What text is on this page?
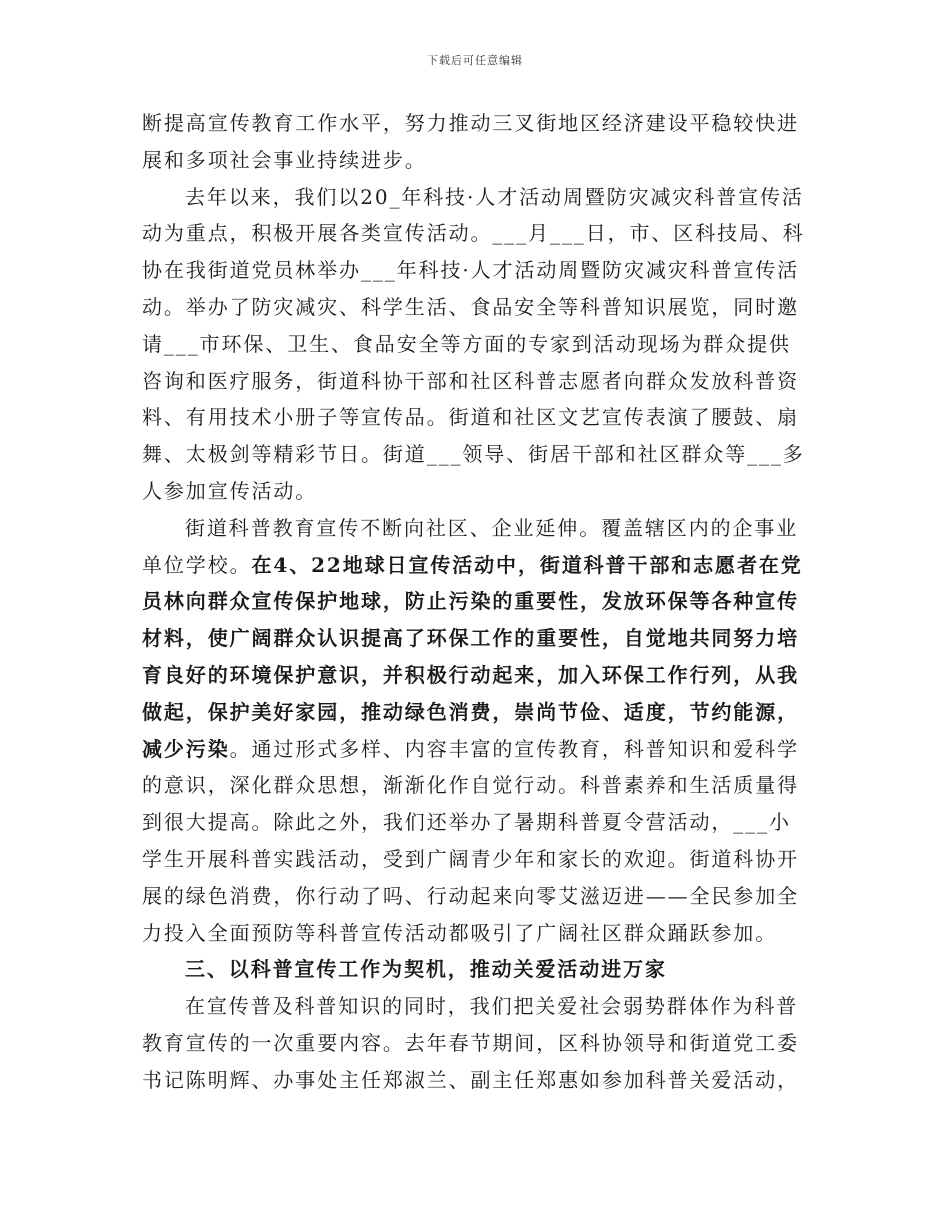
下载后可任意编辑

断提高宣传教育工作水平，努力推动三叉街地区经济建设平稳较快进展和多项社会事业持续进步。

去年以来，我们以20_年科技·人才活动周暨防灾减灾科普宣传活动为重点，积极开展各类宣传活动。___月___日，市、区科技局、科协在我街道党员林举办___年科技·人才活动周暨防灾减灾科普宣传活动。举办了防灾减灾、科学生活、食品安全等科普知识展览，同时邀请___市环保、卫生、食品安全等方面的专家到活动现场为群众提供咨询和医疗服务，街道科协干部和社区科普志愿者向群众发放科普资料、有用技术小册子等宣传品。街道和社区文艺宣传表演了腰鼓、扇舞、太极剑等精彩节日。街道___领导、街居干部和社区群众等___多人参加宣传活动。

街道科普教育宣传不断向社区、企业延伸。覆盖辖区内的企事业单位学校。在4、22地球日宣传活动中，街道科普干部和志愿者在党员林向群众宣传保护地球，防止污染的重要性，发放环保等各种宣传材料，使广阔群众认识提高了环保工作的重要性，自觉地共同努力培育良好的环境保护意识，并积极行动起来，加入环保工作行列，从我做起，保护美好家园，推动绿色消费，崇尚节俭、适度，节约能源，减少污染。通过形式多样、内容丰富的宣传教育，科普知识和爱科学的意识，深化群众思想，渐渐化作自觉行动。科普素养和生活质量得到很大提高。除此之外，我们还举办了暑期科普夏令营活动，___小学生开展科普实践活动，受到广阔青少年和家长的欢迎。街道科协开展的绿色消费，你行动了吗、行动起来向零艾滋迈进——全民参加全力投入全面预防等科普宣传活动都吸引了广阔社区群众踊跃参加。

三、以科普宣传工作为契机，推动关爱活动进万家

在宣传普及科普知识的同时，我们把关爱社会弱势群体作为科普教育宣传的一次重要内容。去年春节期间，区科协领导和街道党工委书记陈明辉、办事处主任郑淑兰、副主任郑惠如参加科普关爱活动，
